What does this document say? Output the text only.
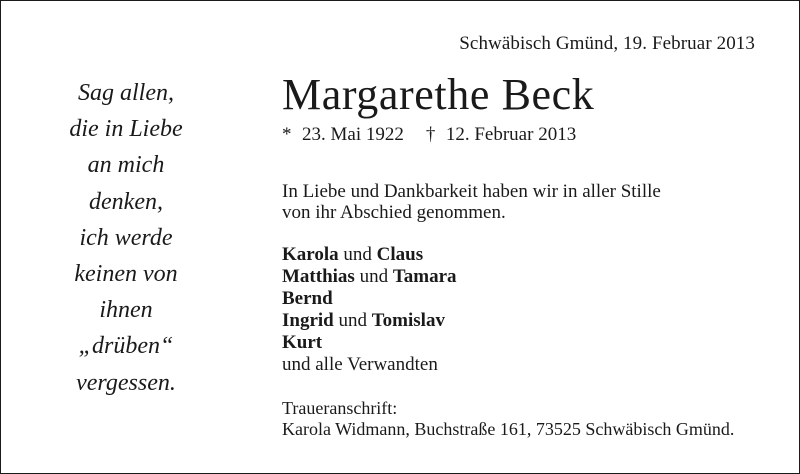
Schwäbisch Gmünd, 19. Februar 2013
Sag allen,
die in Liebe
an mich
denken,
ich werde
keinen von
ihnen
„drüben“
vergessen.
Margarethe Beck
* 23. Mai 1922 † 12. Februar 2013
In Liebe und Dankbarkeit haben wir in aller Stille
von ihr Abschied genommen.
Karola und Claus
Matthias und Tamara
Bernd
Ingrid und Tomislav
Kurt
und alle Verwandten
Traueranschrift:
Karola Widmann, Buchstraße 161, 73525 Schwäbisch Gmünd.
